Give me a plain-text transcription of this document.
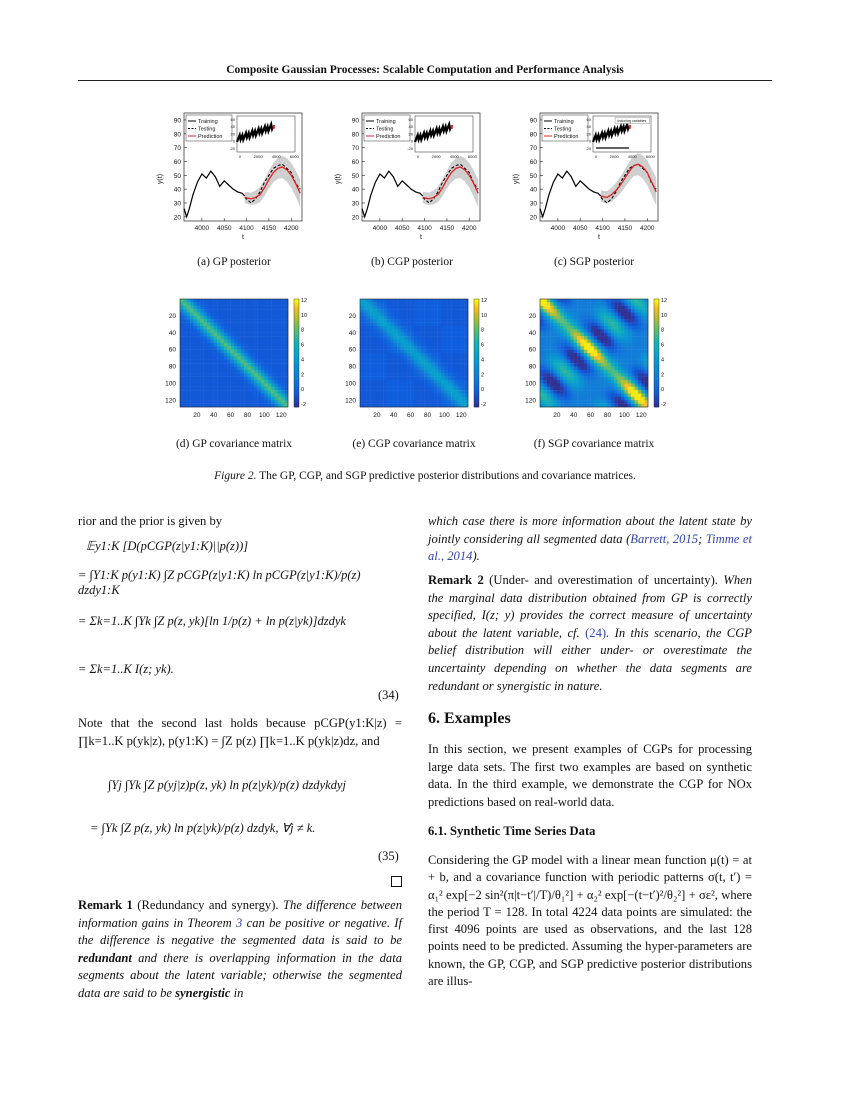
Composite Gaussian Processes: Scalable Computation and Performance Analysis
20
30
40
50
60
70
80
90
4000 4050 4100 4150 4200
t
y(t)
Training
Testing
Prediction
60
40
20
0
-20
0	2000 4000 6000
20
30
40
50
60
70
80
90
4000 4050 4100 4150 4200
t
y(t)
Training
Testing
Prediction
60
40
20
0
-20
0	2000 4000 6000
20
30
40
50
60
70
80
90
4000 4050 4100 4150 4200
t
y(t)
Training
Testing
Prediction
60
40
20
0
-20
0	2000 4000 6000
Inducing variables
(a) GP posterior	(b) CGP posterior	(c) SGP posterior
20
20
40
40
60
60
80
80
100
100
120
120
12
10
8
6
4
2
0
-2
20
20
40
40
60
60
80
80
100
100
120
120
12
10
8
6
4
2
0
-2
20
20
40
40
60
60
80
80
100
100
120
120
12
10
8
6
4
2
0
-2
(d) GP covariance matrix	(e) CGP covariance matrix	(f) SGP covariance matrix
Figure 2. The GP, CGP, and SGP predictive posterior distributions and covariance matrices.
rior and the prior is given by
𝔼y1:K [D(pCGP(z|y1:K)||p(z))]
= ∫Y1:K p(y1:K) ∫Z pCGP(z|y1:K) ln pCGP(z|y1:K)/p(z) dzdy1:K
= Σk=1..K ∫Yk ∫Z p(z, yk)[ln 1/p(z) + ln p(z|yk)]dzdyk
= Σk=1..K I(z; yk).
(34)
Note that the second last holds because pCGP(y1:K|z) = ∏k=1..K p(yk|z), p(y1:K) = ∫Z p(z) ∏k=1..K p(yk|z)dz, and
∫Yj ∫Yk ∫Z p(yj|z)p(z, yk) ln p(z|yk)/p(z) dzdykdyj
= ∫Yk ∫Z p(z, yk) ln p(z|yk)/p(z) dzdyk, ∀j ≠ k.
(35)
Remark 1 (Redundancy and synergy). The difference between information gains in Theorem 3 can be positive or negative. If the difference is negative the segmented data is said to be redundant and there is overlapping information in the data segments about the latent variable; otherwise the segmented data are said to be synergistic in
which case there is more information about the latent state by jointly considering all segmented data (Barrett, 2015; Timme et al., 2014).
Remark 2 (Under- and overestimation of uncertainty). When the marginal data distribution obtained from GP is correctly specified, I(z; y) provides the correct measure of uncertainty about the latent variable, cf. (24). In this scenario, the CGP belief distribution will either under- or overestimate the uncertainty depending on whether the data segments are redundant or synergistic in nature.
6. Examples
In this section, we present examples of CGPs for processing large data sets. The first two examples are based on synthetic data. In the third example, we demonstrate the CGP for NOx predictions based on real-world data.
6.1. Synthetic Time Series Data
Considering the GP model with a linear mean function μ(t) = at + b, and a covariance function with periodic patterns σ(t, t′) = α₁² exp[−2 sin²(π|t−t′|/T)/θ₁²] + α₂² exp[−(t−t′)²/θ₂²] + σε², where the period T = 128. In total 4224 data points are simulated: the first 4096 points are used as observations, and the last 128 points need to be predicted. Assuming the hyper-parameters are known, the GP, CGP, and SGP predictive posterior distributions are illus-
